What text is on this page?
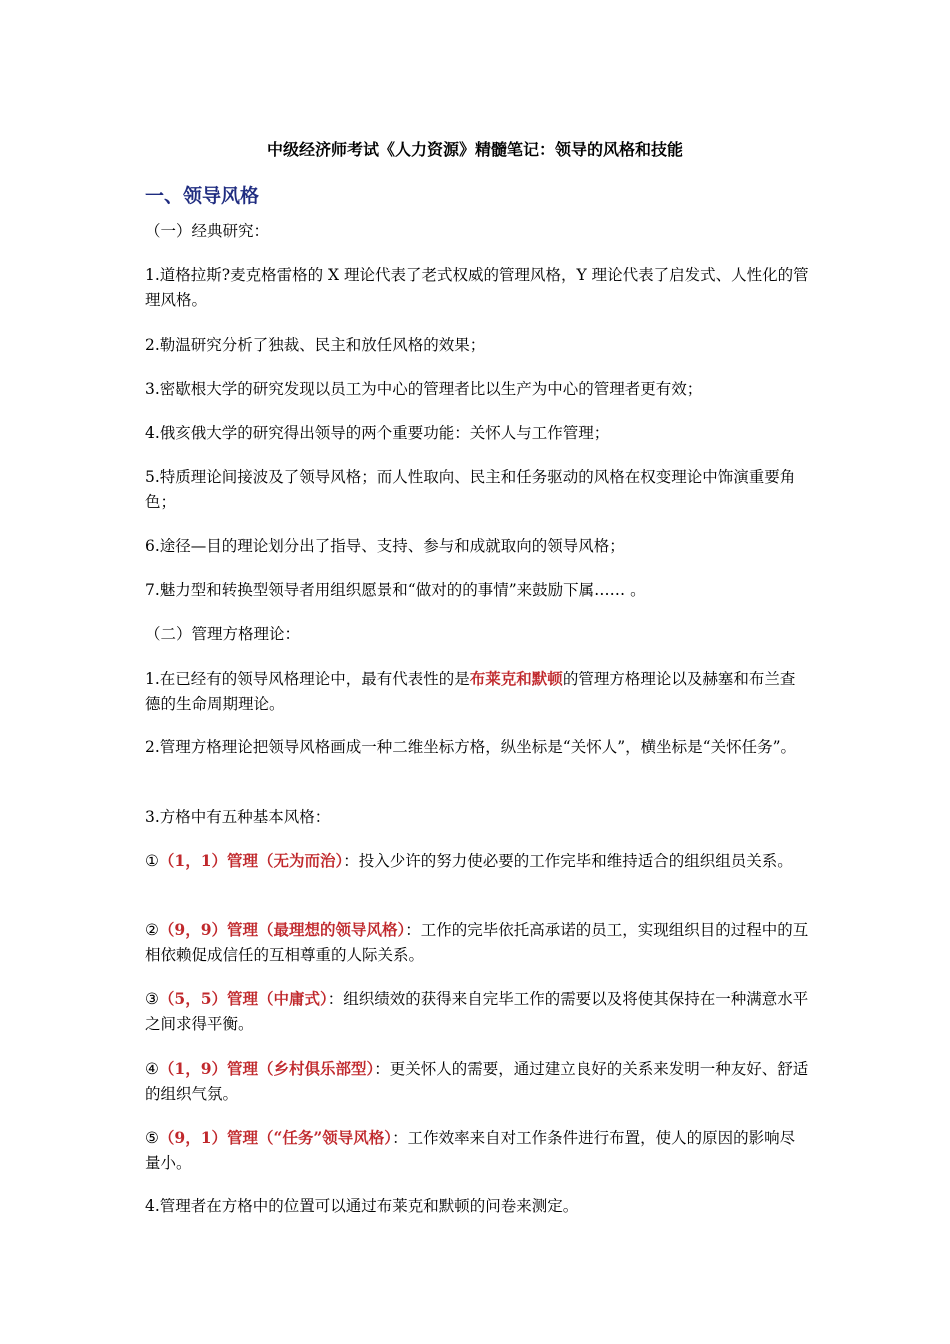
中级经济师考试《人力资源》精髓笔记：领导的风格和技能
一、领导风格

（一）经典研究：

1.道格拉斯?麦克格雷格的 X 理论代表了老式权威的管理风格，Y 理论代表了启发式、人性化的管理风格。

2.勒温研究分析了独裁、民主和放任风格的效果；

3.密歇根大学的研究发现以员工为中心的管理者比以生产为中心的管理者更有效；

4.俄亥俄大学的研究得出领导的两个重要功能：关怀人与工作管理；

5.特质理论间接波及了领导风格；而人性取向、民主和任务驱动的风格在权变理论中饰演重要角色；

6.途径—目的理论划分出了指导、支持、参与和成就取向的领导风格；

7.魅力型和转换型领导者用组织愿景和“做对的的事情”来鼓励下属…… 。

（二）管理方格理论：

1.在已经有的领导风格理论中，最有代表性的是布莱克和默顿的管理方格理论以及赫塞和布兰查德的生命周期理论。

2.管理方格理论把领导风格画成一种二维坐标方格，纵坐标是“关怀人”，横坐标是“关怀任务”。

3.方格中有五种基本风格：

①（1，1）管理（无为而治）：投入少许的努力使必要的工作完毕和维持适合的组织组员关系。

②（9，9）管理（最理想的领导风格）：工作的完毕依托高承诺的员工，实现组织目的过程中的互相依赖促成信任的互相尊重的人际关系。

③（5，5）管理（中庸式）：组织绩效的获得来自完毕工作的需要以及将使其保持在一种满意水平之间求得平衡。

④（1，9）管理（乡村俱乐部型）：更关怀人的需要，通过建立良好的关系来发明一种友好、舒适的组织气氛。

⑤（9，1）管理（“任务”领导风格）：工作效率来自对工作条件进行布置，使人的原因的影响尽量小。

4.管理者在方格中的位置可以通过布莱克和默顿的问卷来测定。
